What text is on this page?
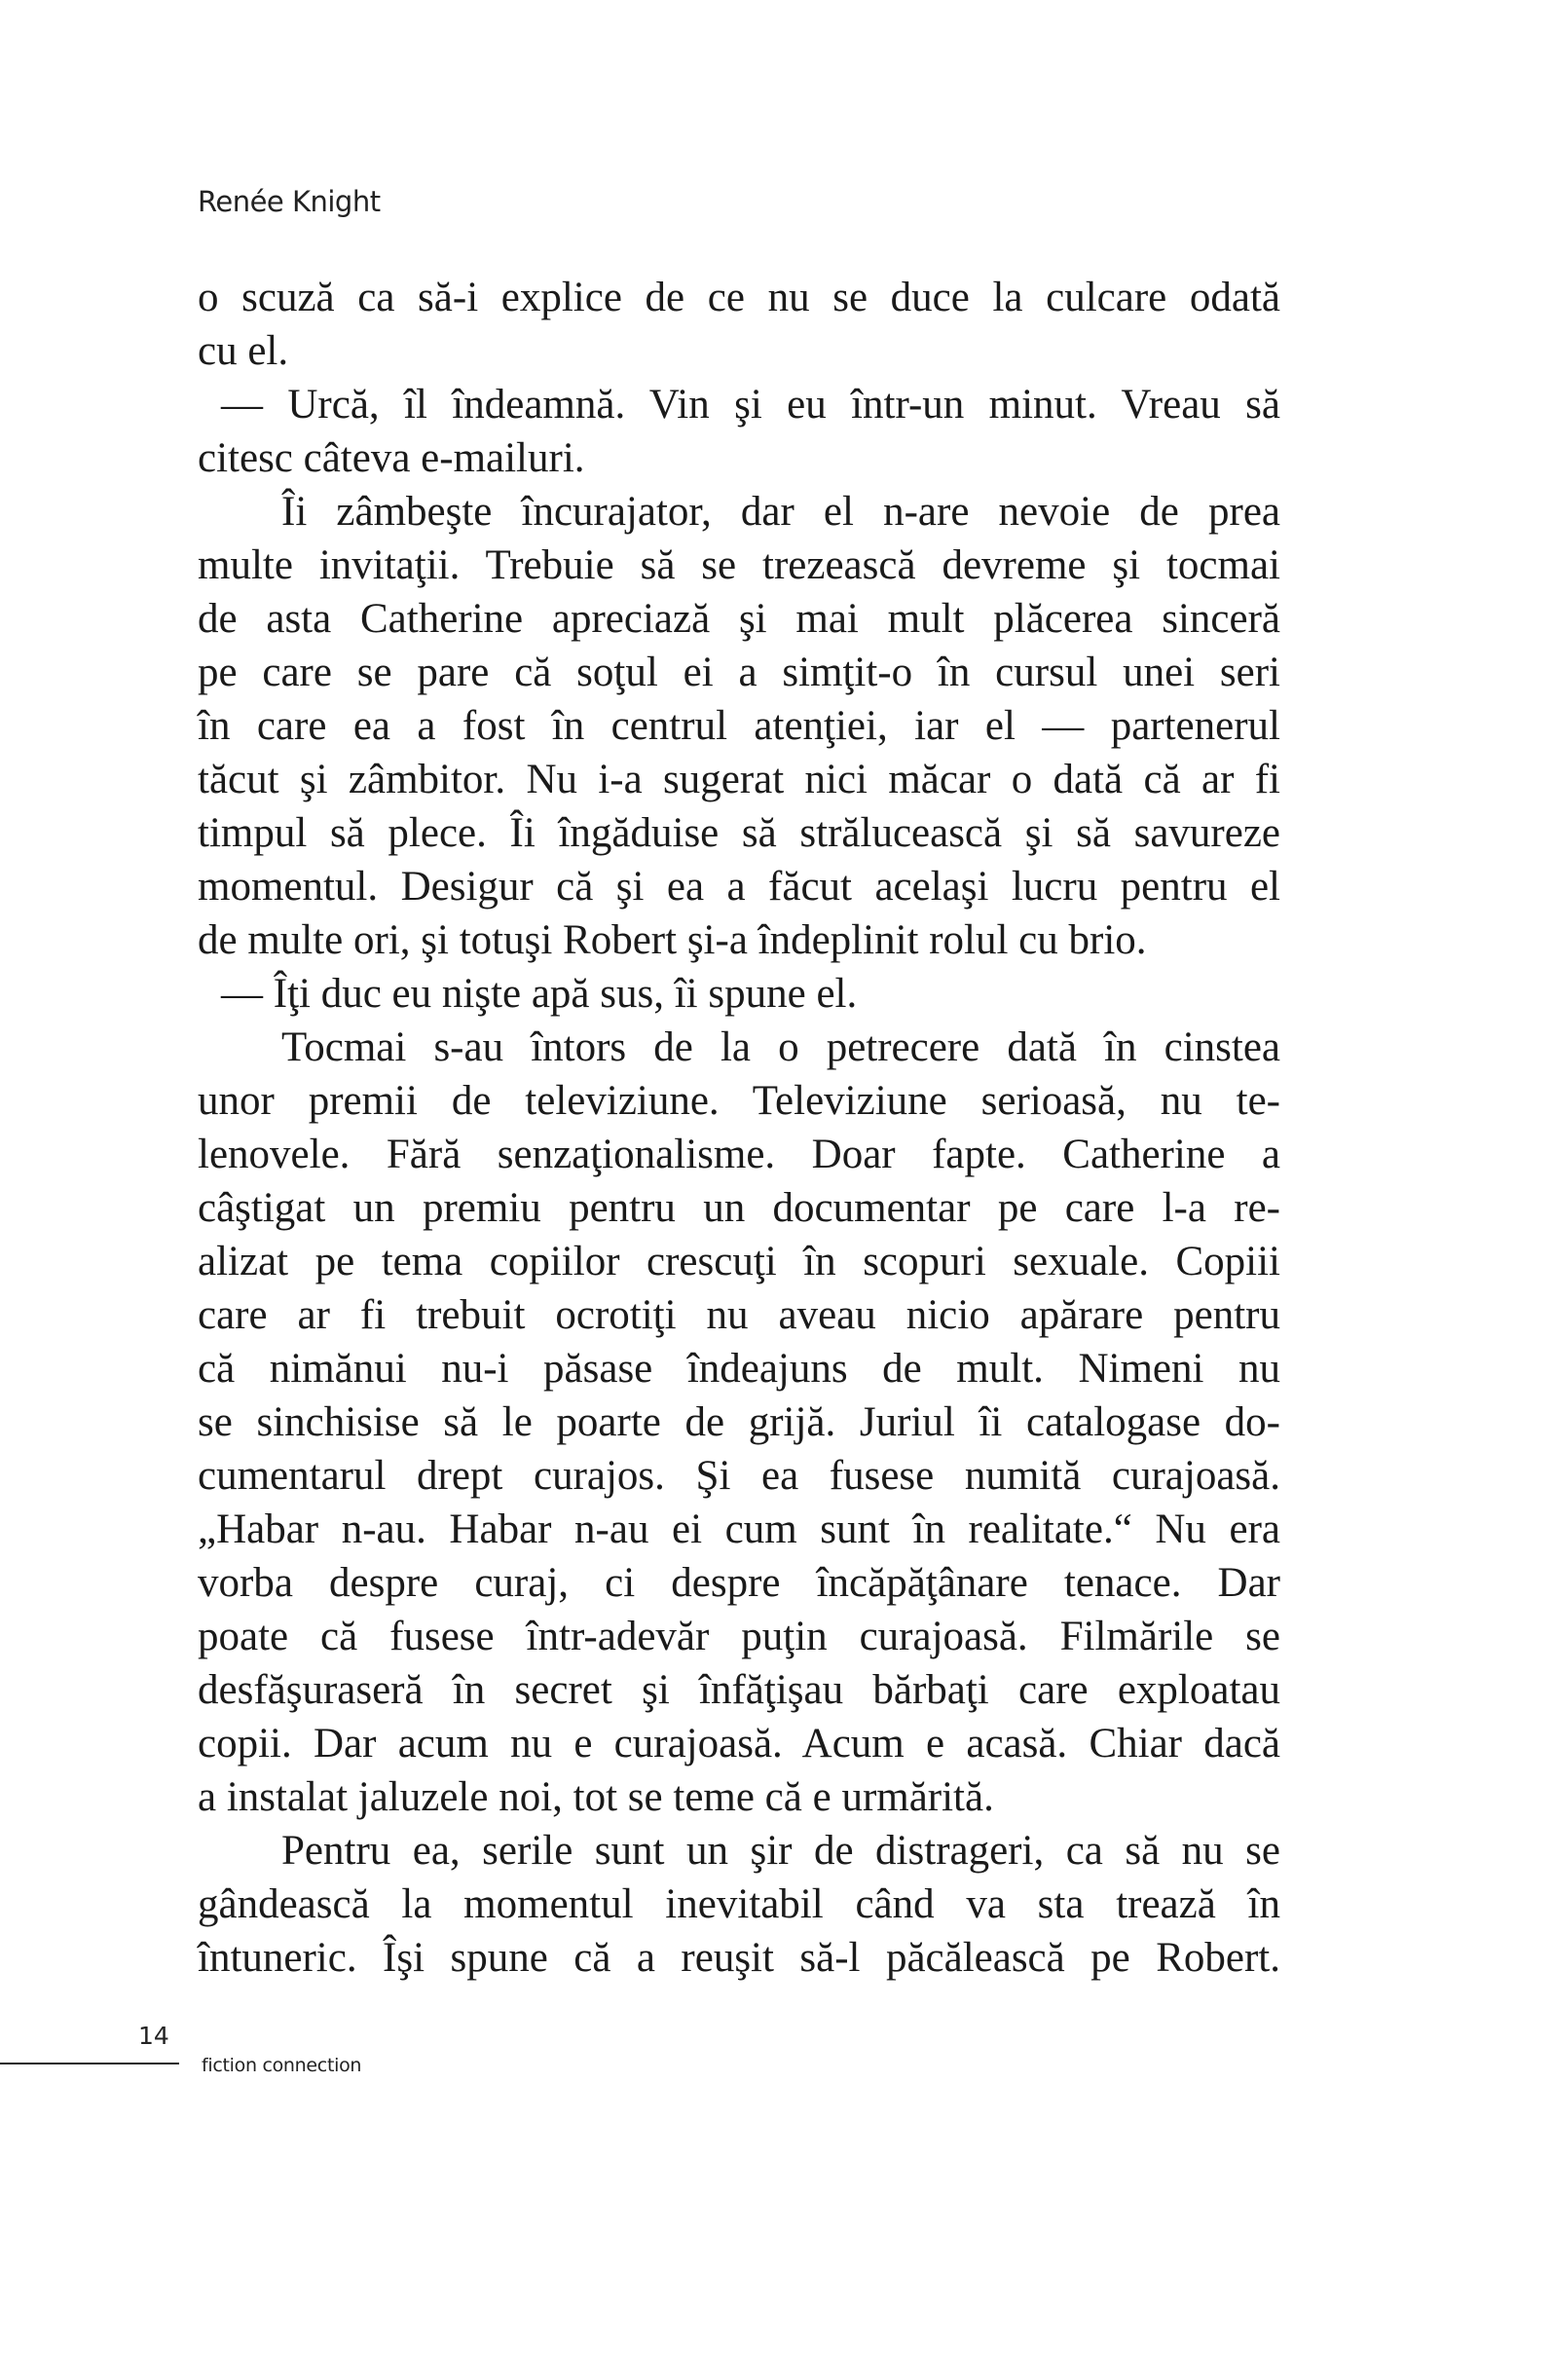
Renée Knight
o scuză ca să-i explice de ce nu se duce la culcare odată
cu el.
— Urcă, îl îndeamnă. Vin şi eu într-un minut. Vreau să
citesc câteva e-mailuri.
Îi zâmbeşte încurajator, dar el n-are nevoie de prea
multe invitaţii. Trebuie să se trezească devreme şi tocmai
de asta Catherine apreciază şi mai mult plăcerea sinceră
pe care se pare că soţul ei a simţit-o în cursul unei seri
în care ea a fost în centrul atenţiei, iar el — partenerul
tăcut şi zâmbitor. Nu i-a sugerat nici măcar o dată că ar fi
timpul să plece. Îi îngăduise să strălucească şi să savureze
momentul. Desigur că şi ea a făcut acelaşi lucru pentru el
de multe ori, şi totuşi Robert şi-a îndeplinit rolul cu brio.
— Îţi duc eu nişte apă sus, îi spune el.
Tocmai s-au întors de la o petrecere dată în cinstea
unor premii de televiziune. Televiziune serioasă, nu te-
lenovele. Fără senzaţionalisme. Doar fapte. Catherine a
câştigat un premiu pentru un documentar pe care l-a re-
alizat pe tema copiilor crescuţi în scopuri sexuale. Copiii
care ar fi trebuit ocrotiţi nu aveau nicio apărare pentru
că nimănui nu-i păsase îndeajuns de mult. Nimeni nu
se sinchisise să le poarte de grijă. Juriul îi catalogase do-
cumentarul drept curajos. Şi ea fusese numită curajoasă.
„Habar n-au. Habar n-au ei cum sunt în realitate.“ Nu era
vorba despre curaj, ci despre încăpăţânare tenace. Dar
poate că fusese într-adevăr puţin curajoasă. Filmările se
desfăşuraseră în secret şi înfăţişau bărbaţi care exploatau
copii. Dar acum nu e curajoasă. Acum e acasă. Chiar dacă
a instalat jaluzele noi, tot se teme că e urmărită.
Pentru ea, serile sunt un şir de distrageri, ca să nu se
gândească la momentul inevitabil când va sta trează în
întuneric. Îşi spune că a reuşit să-l păcălească pe Robert.
14
fiction connection
